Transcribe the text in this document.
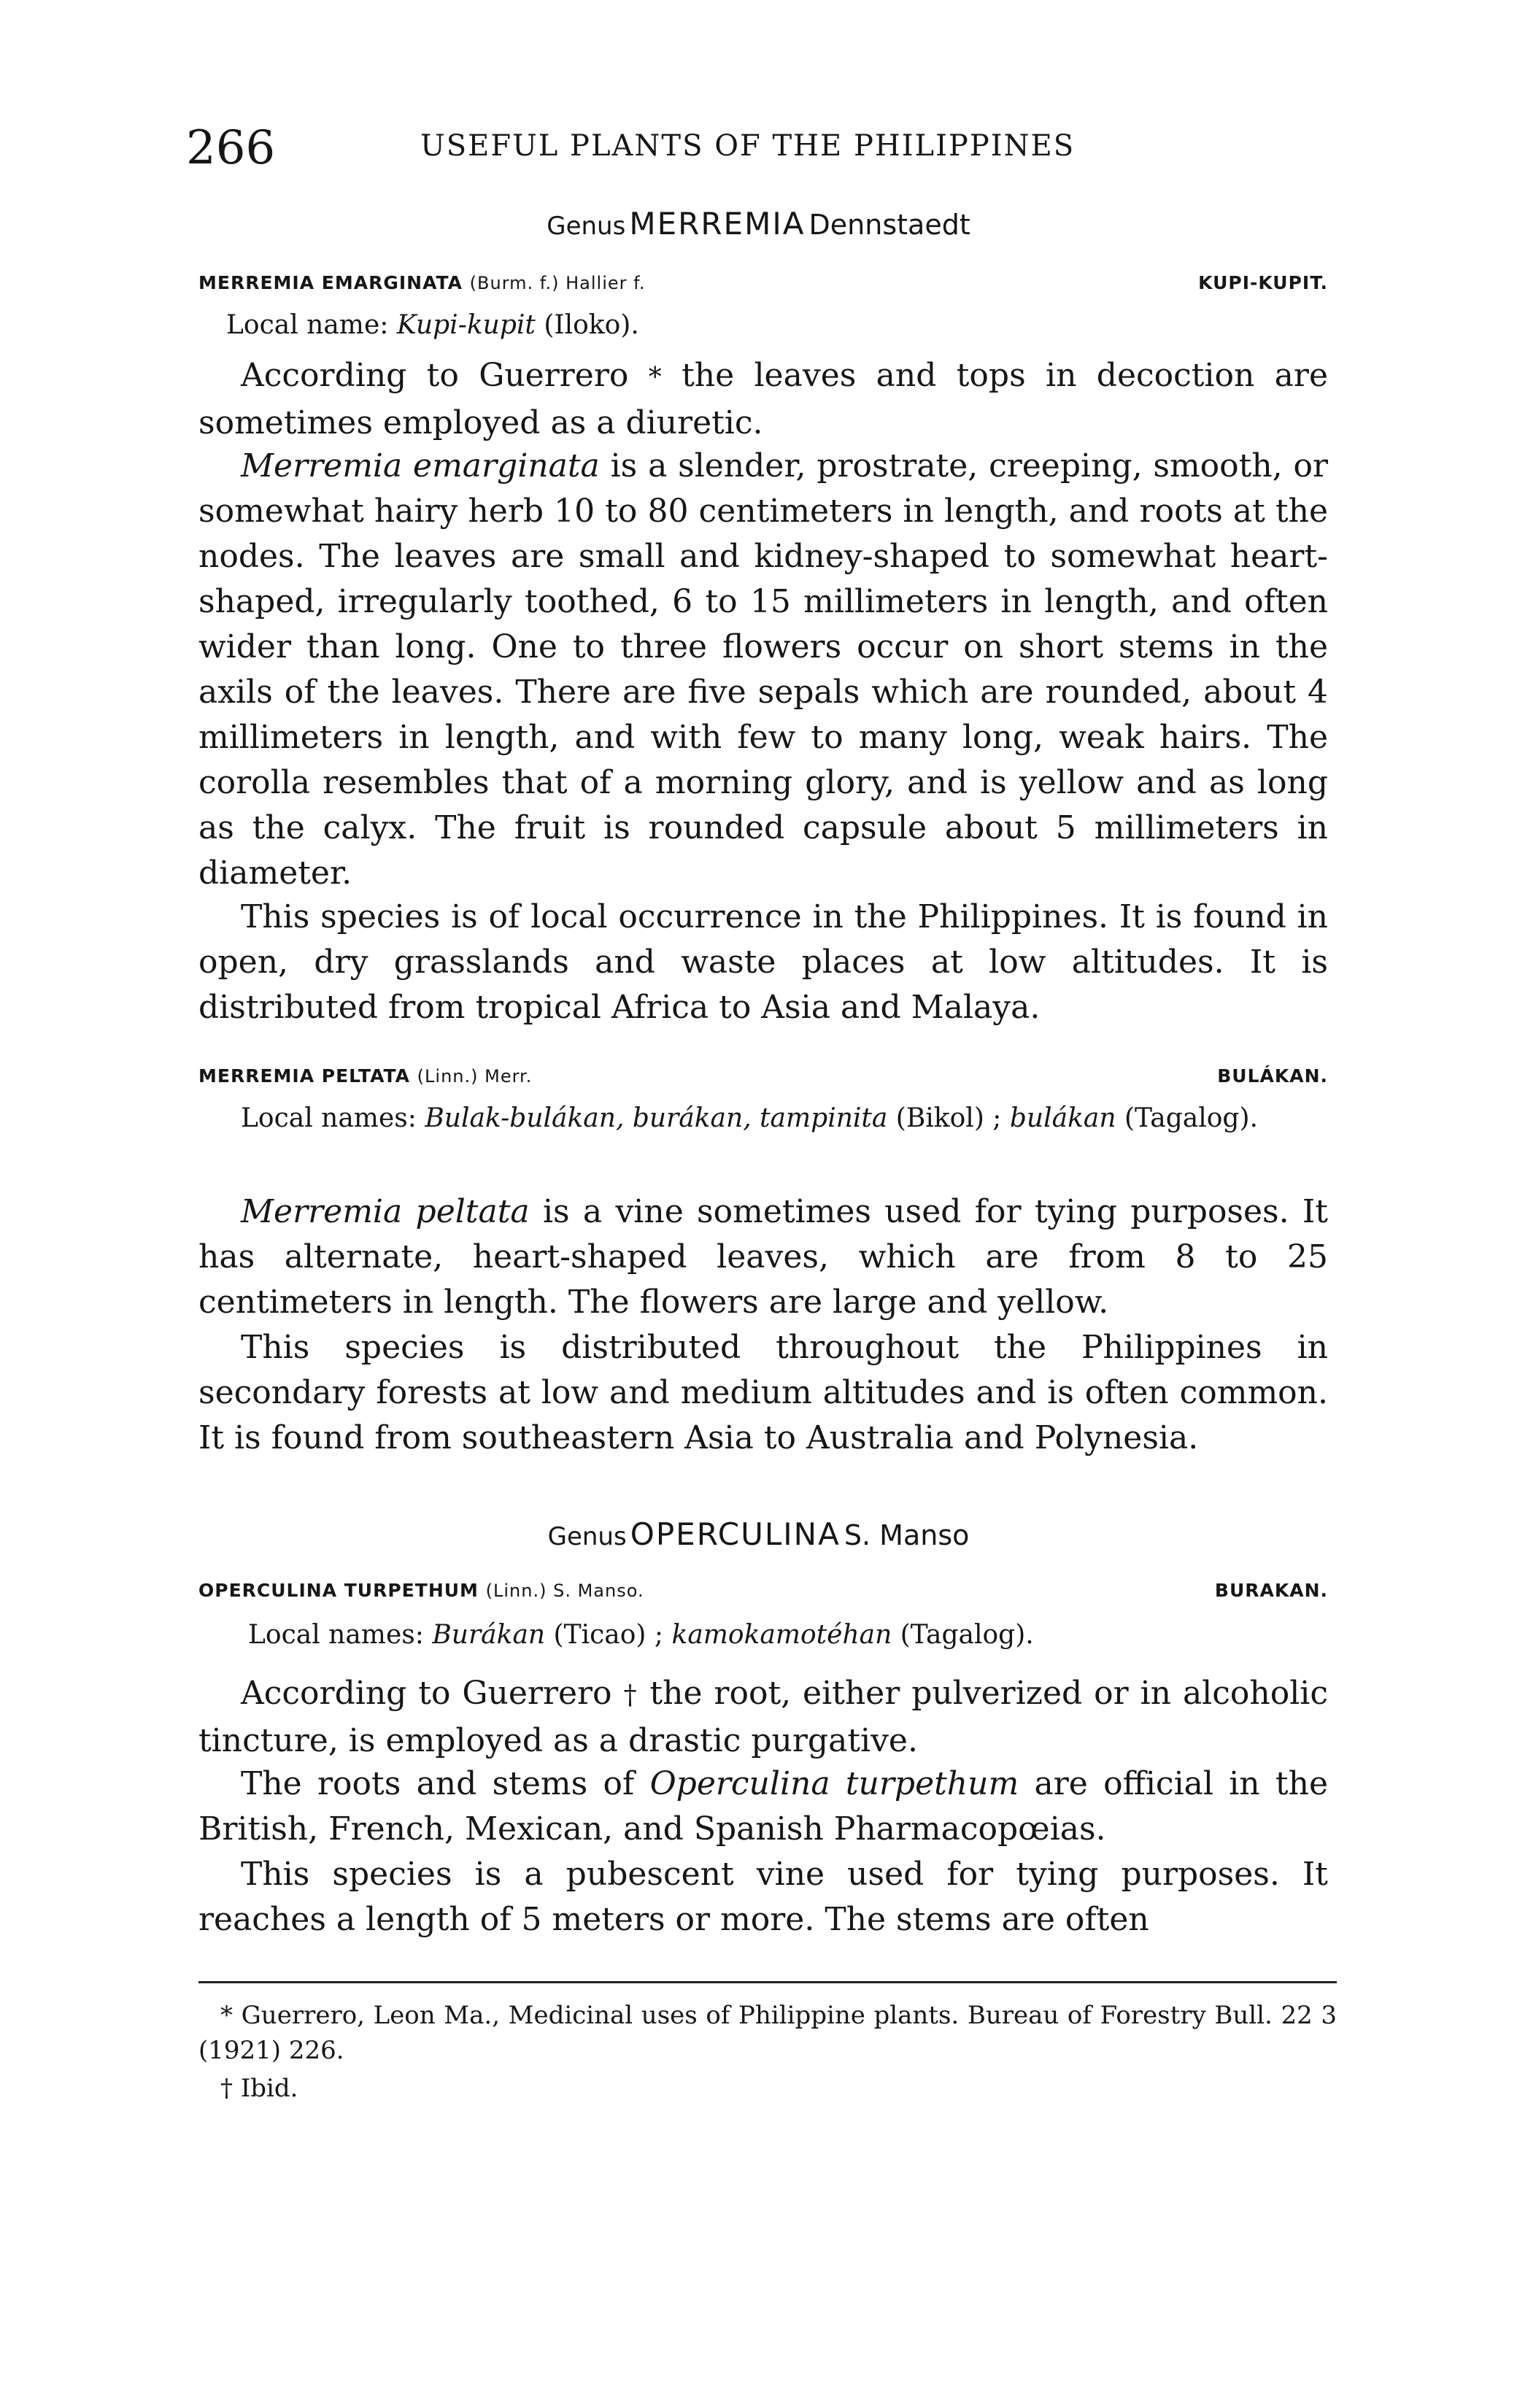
266	USEFUL PLANTS OF THE PHILIPPINES
Genus MERREMIA Dennstaedt
MERREMIA EMARGINATA (Burm. f.) Hallier f.	KUPI-KUPIT.
Local name: Kupi-kupit (Iloko).

According to Guerrero * the leaves and tops in decoction are sometimes employed as a diuretic.

Merremia emarginata is a slender, prostrate, creeping, smooth, or somewhat hairy herb 10 to 80 centimeters in length, and roots at the nodes. The leaves are small and kidney-shaped to somewhat heart-shaped, irregularly toothed, 6 to 15 millimeters in length, and often wider than long. One to three flowers occur on short stems in the axils of the leaves. There are five sepals which are rounded, about 4 millimeters in length, and with few to many long, weak hairs. The corolla resembles that of a morning glory, and is yellow and as long as the calyx. The fruit is rounded capsule about 5 millimeters in diameter.

This species is of local occurrence in the Philippines. It is found in open, dry grasslands and waste places at low altitudes. It is distributed from tropical Africa to Asia and Malaya.

MERREMIA PELTATA (Linn.) Merr.	BULÁKAN.
Local names: Bulak-bulákan, burákan, tampinita (Bikol) ; bulákan (Tagalog).

Merremia peltata is a vine sometimes used for tying purposes. It has alternate, heart-shaped leaves, which are from 8 to 25 centimeters in length. The flowers are large and yellow.

This species is distributed throughout the Philippines in secondary forests at low and medium altitudes and is often common. It is found from southeastern Asia to Australia and Polynesia.

Genus OPERCULINA S. Manso
OPERCULINA TURPETHUM (Linn.) S. Manso.	BURAKAN.
Local names: Burákan (Ticao) ; kamokamotéhan (Tagalog).

According to Guerrero † the root, either pulverized or in alcoholic tincture, is employed as a drastic purgative.

The roots and stems of Operculina turpethum are official in the British, French, Mexican, and Spanish Pharmacopœias.

This species is a pubescent vine used for tying purposes. It reaches a length of 5 meters or more. The stems are often

* Guerrero, Leon Ma., Medicinal uses of Philippine plants. Bureau of Forestry Bull. 22 3 (1921) 226.

† Ibid.
